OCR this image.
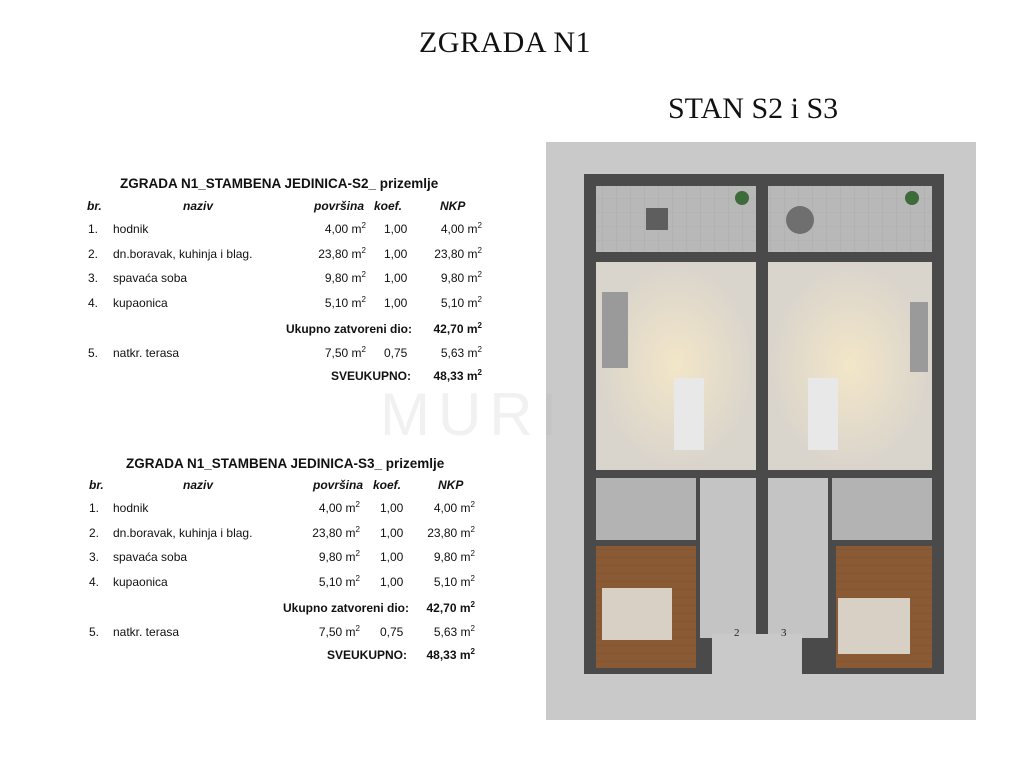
ZGRADA N1
STAN S2 i S3
ZGRADA N1_STAMBENA JEDINICA-S2_ prizemlje
br.	naziv	površina koef.	NKP
ZGRADA N1_STAMBENA JEDINICA-S3_ prizemlje
br.	naziv	površina koef.	NKP
1. hodnik	4,00 $m^2$ 1,00	4,00 $m^2$
2. dn.boravak, kuhinja i blag.	23,80 $m^2$ 1,00	23,80 $m^2$
3. spavaća soba	9,80 $m^2$ 1,00	9,80 $m^2$
4. kupaonica	5,10 $m^2$ 1,00	5,10 $m^2$
Ukupno zatvoreni dio:	42,70 $m^2$
5. natkr. terasa	7,50 $m^2$ 0,75	5,63 $m^2$
SVEUKUPNO:	48,33 $m^2$
1. hodnik	4,00 $m^2$ 1,00	4,00 $m^2$
2. dn.boravak, kuhinja i blag.	23,80 $m^2$ 1,00	23,80 $m^2$
3. spavaća soba	9,80 $m^2$ 1,00	9,80 $m^2$
4. kupaonica	5,10 $m^2$ 1,00	5,10 $m^2$
Ukupno zatvoreni dio:	42,70 $m^2$
5. natkr. terasa	7,50 $m^2$ 0,75	5,63 $m^2$
SVEUKUPNO:	48,33 $m^2$
2	3
MURI
